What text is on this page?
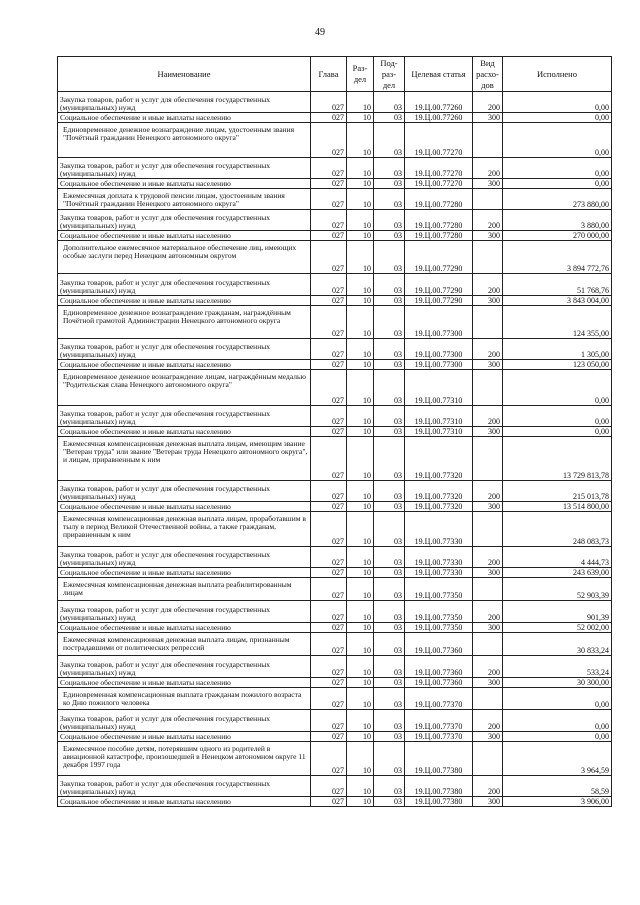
49
Наименование	Глава	Раз-дел	Под-раз-дел	Целевая статья	Вид расхо-дов	Исполнено
Закупка товаров, работ и услуг для обеспечения государственных (муниципальных) нужд	027	10	03	19.Ц.00.77260	200	0,00
Социальное обеспечение и иные выплаты населению	027	10	03	19.Ц.00.77260	300	0,00
Единовременное денежное вознаграждение лицам, удостоенным звания "Почётный гражданин Ненецкого автономного округа"	027	10	03	19.Ц.00.77270		0,00
Закупка товаров, работ и услуг для обеспечения государственных (муниципальных) нужд	027	10	03	19.Ц.00.77270	200	0,00
Социальное обеспечение и иные выплаты населению	027	10	03	19.Ц.00.77270	300	0,00
Ежемесячная доплата к трудовой пенсии лицам, удостоенным звания "Почётный гражданин Ненецкого автономного округа"	027	10	03	19.Ц.00.77280		273 880,00
Закупка товаров, работ и услуг для обеспечения государственных (муниципальных) нужд	027	10	03	19.Ц.00.77280	200	3 880,00
Социальное обеспечение и иные выплаты населению	027	10	03	19.Ц.00.77280	300	270 000,00
Дополнительное ежемесячное материальное обеспечение лиц, имеющих особые заслуги перед Ненецким автономным округом	027	10	03	19.Ц.00.77290		3 894 772,76
Закупка товаров, работ и услуг для обеспечения государственных (муниципальных) нужд	027	10	03	19.Ц.00.77290	200	51 768,76
Социальное обеспечение и иные выплаты населению	027	10	03	19.Ц.00.77290	300	3 843 004,00
Единовременное денежное вознаграждение гражданам, награждённым Почётной грамотой Администрации Ненецкого автономного округа	027	10	03	19.Ц.00.77300		124 355,00
Закупка товаров, работ и услуг для обеспечения государственных (муниципальных) нужд	027	10	03	19.Ц.00.77300	200	1 305,00
Социальное обеспечение и иные выплаты населению	027	10	03	19.Ц.00.77300	300	123 050,00
Единовременное денежное вознаграждение лицам, награждённым медалью "Родительская слава Ненецкого автономного округа"	027	10	03	19.Ц.00.77310		0,00
Закупка товаров, работ и услуг для обеспечения государственных (муниципальных) нужд	027	10	03	19.Ц.00.77310	200	0,00
Социальное обеспечение и иные выплаты населению	027	10	03	19.Ц.00.77310	300	0,00
Ежемесячная компенсационная денежная выплата лицам, имеющим звание "Ветеран труда" или звание "Ветеран труда Ненецкого автономного округа", и лицам, приравненным к ним	027	10	03	19.Ц.00.77320		13 729 813,78
Закупка товаров, работ и услуг для обеспечения государственных (муниципальных) нужд	027	10	03	19.Ц.00.77320	200	215 013,78
Социальное обеспечение и иные выплаты населению	027	10	03	19.Ц.00.77320	300	13 514 800,00
Ежемесячная компенсационная денежная выплата лицам, проработавшим в тылу в период Великой Отечественной войны, а также гражданам, приравненным к ним	027	10	03	19.Ц.00.77330		248 083,73
Закупка товаров, работ и услуг для обеспечения государственных (муниципальных) нужд	027	10	03	19.Ц.00.77330	200	4 444,73
Социальное обеспечение и иные выплаты населению	027	10	03	19.Ц.00.77330	300	243 639,00
Ежемесячная компенсационная денежная выплата реабилитированным лицам	027	10	03	19.Ц.00.77350		52 903,39
Закупка товаров, работ и услуг для обеспечения государственных (муниципальных) нужд	027	10	03	19.Ц.00.77350	200	901,39
Социальное обеспечение и иные выплаты населению	027	10	03	19.Ц.00.77350	300	52 002,00
Ежемесячная компенсационная денежная выплата лицам, признанным пострадавшими от политических репрессий	027	10	03	19.Ц.00.77360		30 833,24
Закупка товаров, работ и услуг для обеспечения государственных (муниципальных) нужд	027	10	03	19.Ц.00.77360	200	533,24
Социальное обеспечение и иные выплаты населению	027	10	03	19.Ц.00.77360	300	30 300,00
Единовременная компенсационная выплата гражданам пожилого возраста ко Дню пожилого человека	027	10	03	19.Ц.00.77370		0,00
Закупка товаров, работ и услуг для обеспечения государственных (муниципальных) нужд	027	10	03	19.Ц.00.77370	200	0,00
Социальное обеспечение и иные выплаты населению	027	10	03	19.Ц.00.77370	300	0,00
Ежемесячное пособие детям, потерявшим одного из родителей в авиационной катастрофе, произошедшей в Ненецком автономном округе 11 декабря 1997 года	027	10	03	19.Ц.00.77380		3 964,59
Закупка товаров, работ и услуг для обеспечения государственных (муниципальных) нужд	027	10	03	19.Ц.00.77380	200	58,59
Социальное обеспечение и иные выплаты населению	027	10	03	19.Ц.00.77380	300	3 906,00
